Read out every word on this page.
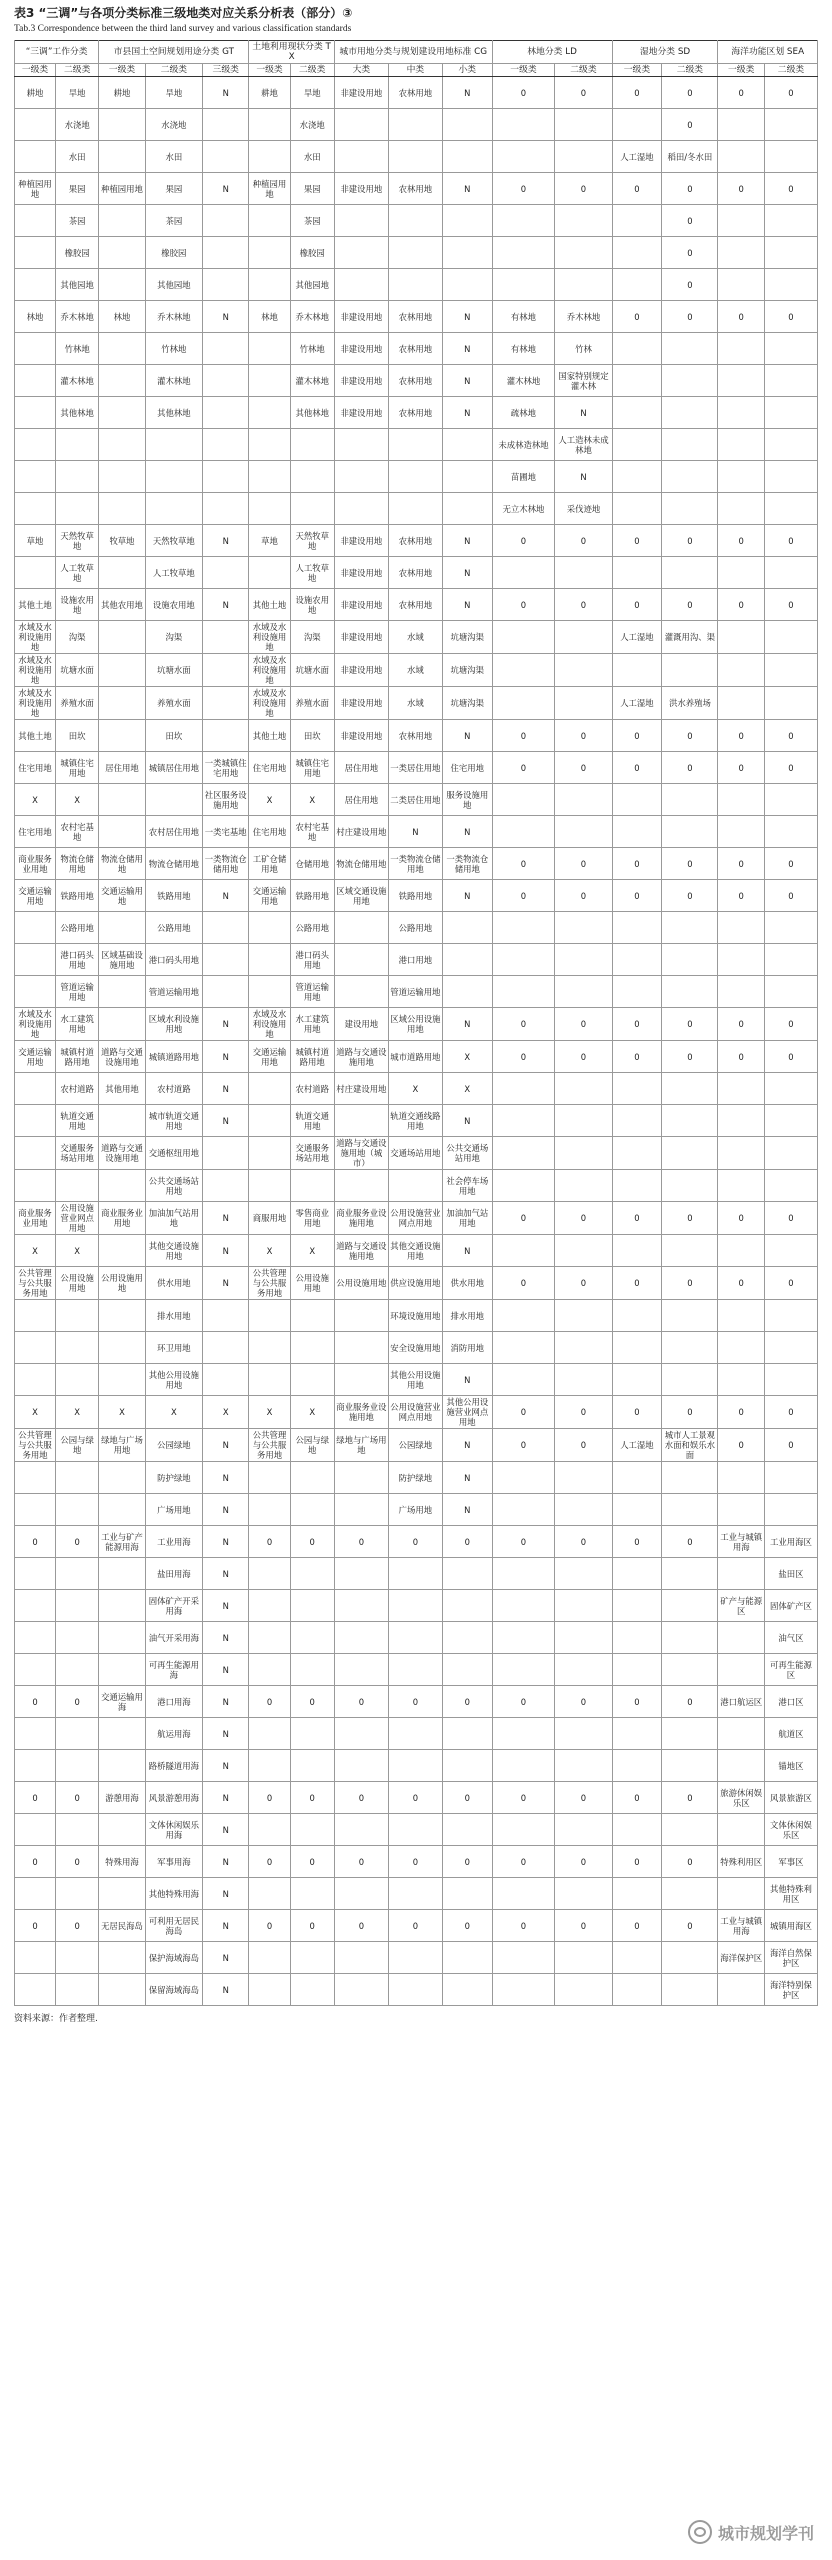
表3 “三调”与各项分类标准三级地类对应关系分析表（部分）③
Tab.3 Correspondence between the third land survey and various classification standards
“三调”工作分类		市县国土空间规划用途分类 GT			土地利用现状分类 TX		城市用地分类与规划建设用地标准 CG			林地分类 LD		湿地分类 SD		海洋功能区划 SEA	
一级类	二级类	一级类	二级类	三级类	一级类	二级类	大类	中类	小类	一级类	二级类	一级类	二级类	一级类	二级类
耕地	旱地	耕地	旱地	N	耕地	旱地	非建设用地	农林用地	N	0	0	0	0	0	0
	水浇地		水浇地			水浇地							0		
	水田		水田			水田						人工湿地	稻田/冬水田		
种植园用地	果园	种植园用地	果园	N	种植园用地	果园	非建设用地	农林用地	N	0	0	0	0	0	0
	茶园		茶园			茶园							0		
	橡胶园		橡胶园			橡胶园							0		
	其他园地		其他园地			其他园地							0		
林地	乔木林地	林地	乔木林地	N	林地	乔木林地	非建设用地	农林用地	N	有林地	乔木林地	0	0	0	0
	竹林地		竹林地			竹林地	非建设用地	农林用地	N	有林地	竹林				
	灌木林地		灌木林地			灌木林地	非建设用地	农林用地	N	灌木林地	国家特别规定灌木林				
	其他林地		其他林地			其他林地	非建设用地	农林用地	N	疏林地	N				
										未成林造林地	人工造林未成林地				
										苗圃地	N				
										无立木林地	采伐迹地				
草地	天然牧草地	牧草地	天然牧草地	N	草地	天然牧草地	非建设用地	农林用地	N	0	0	0	0	0	0
	人工牧草地		人工牧草地			人工牧草地	非建设用地	农林用地	N						
其他土地	设施农用地	其他农用地	设施农用地	N	其他土地	设施农用地	非建设用地	农林用地	N	0	0	0	0	0	0
水域及水利设施用地	沟渠		沟渠		水域及水利设施用地	沟渠	非建设用地	水域	坑塘沟渠			人工湿地	灌溉用沟、渠		
水域及水利设施用地	坑塘水面		坑塘水面		水域及水利设施用地	坑塘水面	非建设用地	水域	坑塘沟渠						
水域及水利设施用地	养殖水面		养殖水面		水域及水利设施用地	养殖水面	非建设用地	水域	坑塘沟渠			人工湿地	洪水养殖场		
其他土地	田坎		田坎		其他土地	田坎	非建设用地	农林用地	N	0	0	0	0	0	0
住宅用地	城镇住宅用地	居住用地	城镇居住用地	一类城镇住宅用地	住宅用地	城镇住宅用地	居住用地	一类居住用地	住宅用地	0	0	0	0	0	0
X	X			社区服务设施用地	X	X	居住用地	二类居住用地	服务设施用地						
住宅用地	农村宅基地		农村居住用地	一类宅基地	住宅用地	农村宅基地	村庄建设用地	N	N						
商业服务业用地	物流仓储用地	物流仓储用地	物流仓储用地	一类物流仓储用地	工矿仓储用地	仓储用地	物流仓储用地	一类物流仓储用地	一类物流仓储用地	0	0	0	0	0	0
交通运输用地	铁路用地	交通运输用地	铁路用地	N	交通运输用地	铁路用地	区域交通设施用地	铁路用地	N	0	0	0	0	0	0
	公路用地		公路用地			公路用地		公路用地							
	港口码头用地	区域基础设施用地	港口码头用地			港口码头用地		港口用地							
	管道运输用地		管道运输用地			管道运输用地		管道运输用地							
水域及水利设施用地	水工建筑用地		区域水利设施用地	N	水域及水利设施用地	水工建筑用地	建设用地	区域公用设施用地	N	0	0	0	0	0	0
交通运输用地	城镇村道路用地	道路与交通设施用地	城镇道路用地	N	交通运输用地	城镇村道路用地	道路与交通设施用地	城市道路用地	X	0	0	0	0	0	0
	农村道路	其他用地	农村道路	N		农村道路	村庄建设用地	X	X						
	轨道交通用地		城市轨道交通用地	N		轨道交通用地		轨道交通线路用地	N						
	交通服务场站用地	道路与交通设施用地	交通枢纽用地			交通服务场站用地	道路与交通设施用地（城市）	交通场站用地	公共交通场站用地						
			公共交通场站用地						社会停车场用地						
商业服务业用地	公用设施营业网点用地	商业服务业用地	加油加气站用地	N	商服用地	零售商业用地	商业服务业设施用地	公用设施营业网点用地	加油加气站用地	0	0	0	0	0	0
X	X		其他交通设施用地	N	X	X	道路与交通设施用地	其他交通设施用地	N						
公共管理与公共服务用地	公用设施用地	公用设施用地	供水用地	N	公共管理与公共服务用地	公用设施用地	公用设施用地	供应设施用地	供水用地	0	0	0	0	0	0
			排水用地					环境设施用地	排水用地						
			环卫用地					安全设施用地	消防用地						
			其他公用设施用地					其他公用设施用地	N						
X	X	X	X	X	X	X	商业服务业设施用地	公用设施营业网点用地	其他公用设施营业网点用地	0	0	0	0	0	0
公共管理与公共服务用地	公园与绿地	绿地与广场用地	公园绿地	N	公共管理与公共服务用地	公园与绿地	绿地与广场用地	公园绿地	N	0	0	人工湿地	城市人工景观水面和娱乐水面	0	0
			防护绿地	N				防护绿地	N						
			广场用地	N				广场用地	N						
0	0	工业与矿产能源用海	工业用海	N	0	0	0	0	0	0	0	0	0	工业与城镇用海	工业用海区
			盐田用海	N											盐田区
			固体矿产开采用海	N										矿产与能源区	固体矿产区
			油气开采用海	N											油气区
			可再生能源用海	N											可再生能源区
0	0	交通运输用海	港口用海	N	0	0	0	0	0	0	0	0	0	港口航运区	港口区
			航运用海	N											航道区
			路桥隧道用海	N											锚地区
0	0	游憩用海	风景游憩用海	N	0	0	0	0	0	0	0	0	0	旅游休闲娱乐区	风景旅游区
			文体休闲娱乐用海	N											文体休闲娱乐区
0	0	特殊用海	军事用海	N	0	0	0	0	0	0	0	0	0	特殊利用区	军事区
			其他特殊用海	N											其他特殊利用区
0	0	无居民海岛	可利用无居民海岛	N	0	0	0	0	0	0	0	0	0	工业与城镇用海	城镇用海区
			保护海域海岛	N										海洋保护区	海洋自然保护区
			保留海域海岛	N											海洋特别保护区
资料来源：作者整理.
城市规划学刊
